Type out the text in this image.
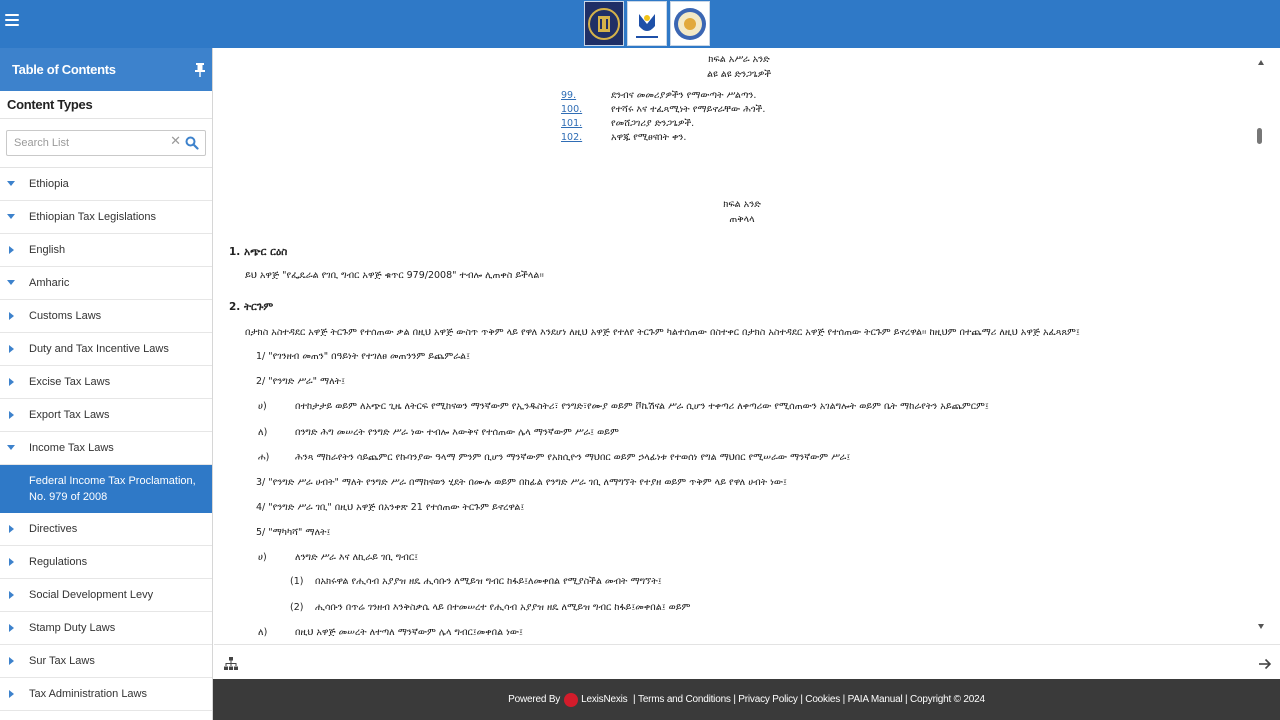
Table of Contents
Content Types
Search List
✕
Ethiopia
Ethiopian Tax Legislations
English
Amharic
Customs Laws
Duty and Tax Incentive Laws
Excise Tax Laws
Export Tax Laws
Income Tax Laws
Federal Income Tax Proclamation, No. 979 of 2008
Directives
Regulations
Social Development Levy
Stamp Duty Laws
Sur Tax Laws
Tax Administration Laws
ክፍል አሥራ አንድ
ልዩ ልዩ ድንጋጌዎች
99.	ደንብና መመሪያዎችን የማውጣት ሥልጣን.
100.	የተሻሩ እና ተፈጻሚነት የማይኖራቸው ሕጎች.
101.	የመሸጋገሪያ ድንጋጌዎች.
102.	አዋጁ የሚፀናበት ቀን.
ክፍል አንድ
ጠቅላላ
1. አጭር ርዕስ
ይህ አዋጅ "የፌዴራል የገቢ ግብር አዋጅ ቁጥር 979/2008" ተብሎ ሊጠቀስ ይችላል፡፡
2. ትርጉም
በታክስ አስተዳደር አዋጅ ትርጉም የተሰጠው ቃል በዚህ አዋጅ ውስጥ ጥቅም ላይ የዋለ እንደሆነ ለዚህ አዋጅ የተለየ ትርጉም ካልተሰጠው በስተቀር በታክስ አስተዳደር አዋጅ የተሰጠው ትርጉም ይኖረዋል፡፡ ከዚህም በተጨማሪ ለዚህ አዋጅ አፈጻጸም፤
1/ "የገንዘብ መጠን" በዓይነት የተገለፀ መጠንንም ይጨምራል፤
2/ "የንግድ ሥራ" ማለት፤
ሀ)	በተከታታይ ወይም ለአጭር ጊዜ ለትርፍ የሚከናወን ማንኛውም የኢንዱስትሪ፣ የንግድ፣የሙያ ወይም ቮኬሽናል ሥራ ሲሆን ተቀጣሪ ለቀጣሪው የሚሰጠውን አገልግሎት ወይም ቤት ማከራየትን አይጨምርም፤
ለ)	በንግድ ሕግ መሠረት የንግድ ሥራ ነው ተብሎ እውቅና የተሰጠው ሌላ ማንኛውም ሥራ፤ ወይም
ሐ)	ሕንጻ ማከራየትን ሳይጨምር የኩባንያው ዓላማ ምንም ቢሆን ማንኛውም የአክሲዮን ማህበር ወይም ኃላፊነቱ የተወሰነ የግል ማህበር የሚሠራው ማንኛውም ሥራ፤
3/ "የንግድ ሥራ ሀብት" ማለት የንግድ ሥራ በማከናወን ሂደት በሙሉ ወይም በከፊል የንግድ ሥራ ገቢ ለማግኘት የተያዘ ወይም ጥቅም ላይ የዋለ ሀብት ነው፤
4/ "የንግድ ሥራ ገቢ" በዚህ አዋጅ በአንቀጽ 21 የተሰጠው ትርጉም ይኖረዋል፤
5/ "ማካካሻ" ማለት፤
ሀ)	ለንግድ ሥራ እና ለኪራይ ገቢ ግብር፤
(1) በአክሩዋል የሒሳብ አያያዝ ዘዴ ሒሳቡን ለሚይዝ ግብር ከፋይ፤ለመቀበል የሚያስችል መብት ማግኘት፤
(2) ሒሳቡን በጥሬ ገንዘብ እንቅስቃሴ ላይ በተመሠረተ የሒሳብ አያያዝ ዘዴ ለሚይዝ ግብር ከፋይ፤መቀበል፤ ወይም
ለ)	በዚህ አዋጅ መሠረት ለተጣለ ማንኛውም ሌላ ግብር፤መቀበል ነው፤
Powered By LexisNexis | Terms and Conditions | Privacy Policy | Cookies | PAIA Manual | Copyright © 2024
